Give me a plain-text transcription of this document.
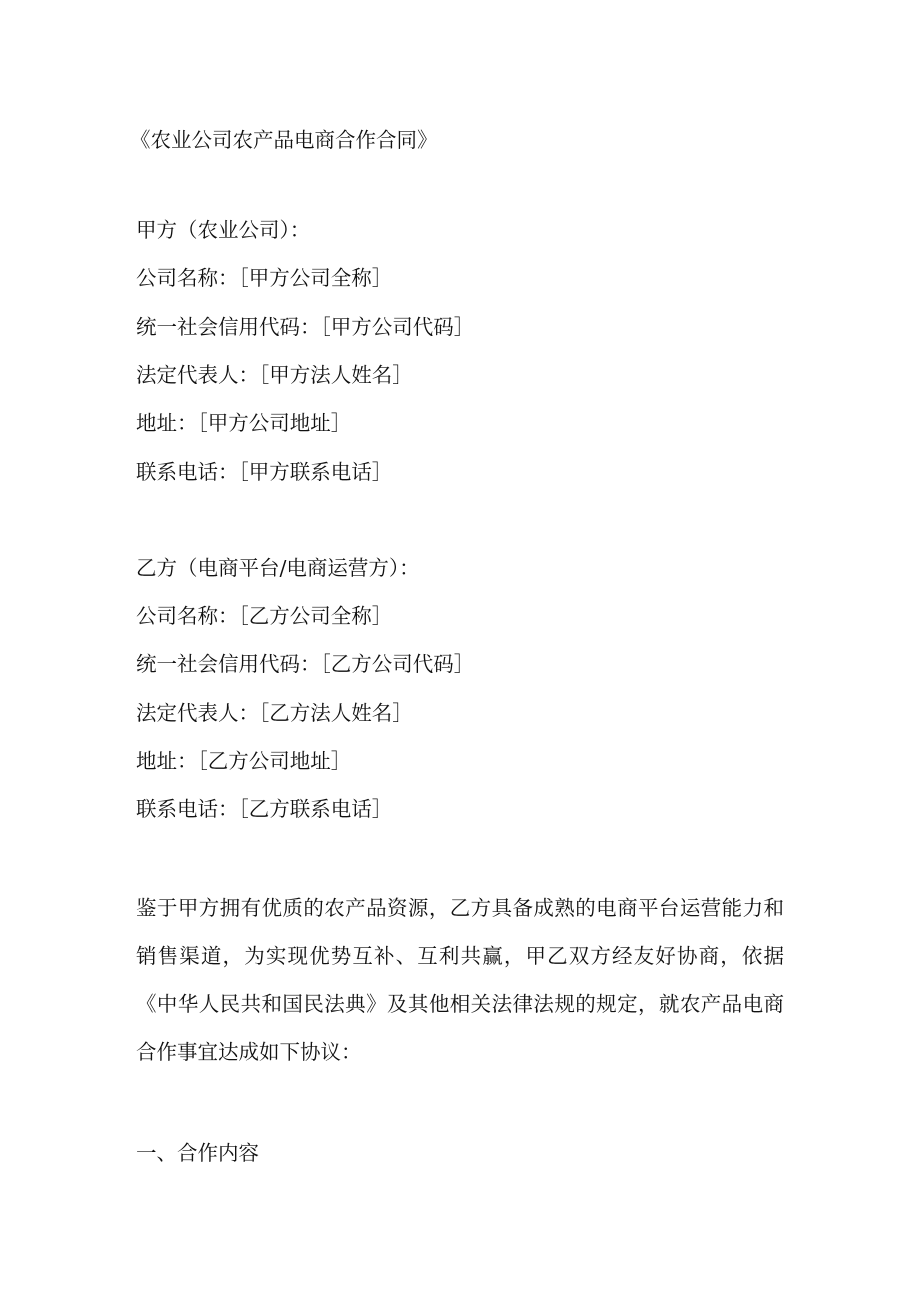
《农业公司农产品电商合作合同》
甲方（农业公司）：
公司名称：［甲方公司全称］
统一社会信用代码：［甲方公司代码］
法定代表人：［甲方法人姓名］
地址：［甲方公司地址］
联系电话：［甲方联系电话］
乙方（电商平台/电商运营方）：
公司名称：［乙方公司全称］
统一社会信用代码：［乙方公司代码］
法定代表人：［乙方法人姓名］
地址：［乙方公司地址］
联系电话：［乙方联系电话］
鉴于甲方拥有优质的农产品资源，乙方具备成熟的电商平台运营能力和销售渠道，为实现优势互补、互利共赢，甲乙双方经友好协商，依据《中华人民共和国民法典》及其他相关法律法规的规定，就农产品电商合作事宜达成如下协议：
一、合作内容
